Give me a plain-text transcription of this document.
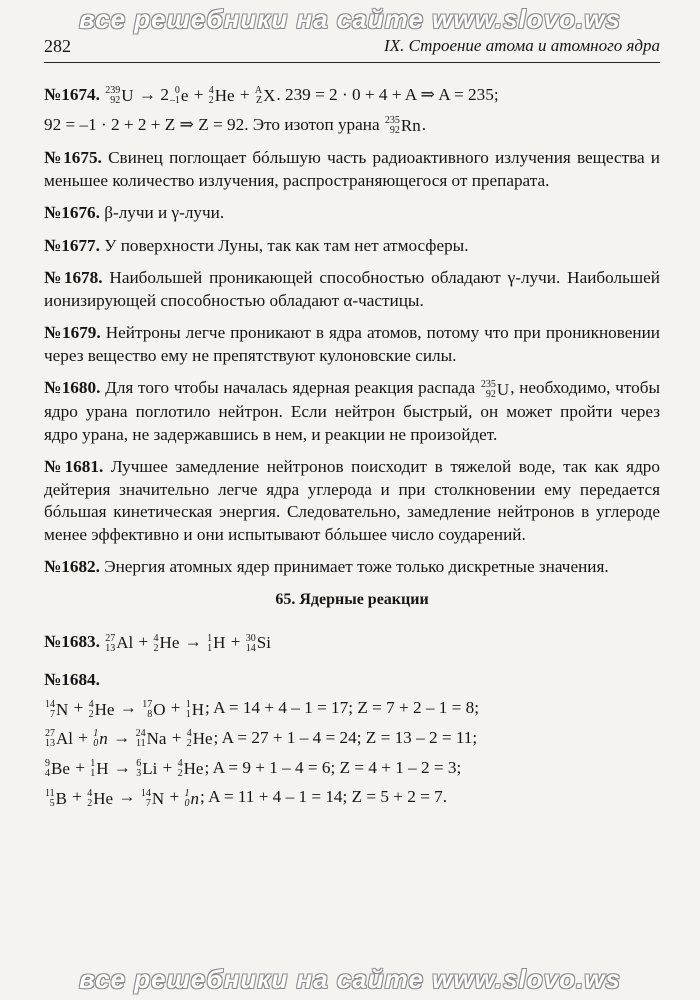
все решебники на сайте www.slovo.ws
282	IX. Строение атома и атомного ядра
№1674. 239
92 U → 2 0
–1 e + 4
2 He + A
Z X. 239 = 2 · 0 + 4 + A ⇒ A = 235;
92 = –1 · 2 + 2 + Z ⇒ Z = 92. Это изотоп урана 235
92 Rn.

№1675. Свинец поглощает бóльшую часть радиоактивного излучения вещества и меньшее количество излучения, распространяющегося от препарата.

№1676. β-лучи и γ-лучи.

№1677. У поверхности Луны, так как там нет атмосферы.

№1678. Наибольшей проникающей способностью обладают γ-лучи. Наибольшей ионизирующей способностью обладают α-частицы.

№1679. Нейтроны легче проникают в ядра атомов, потому что при проникновении через вещество ему не препятствуют кулоновские силы.

№1680. Для того чтобы началась ядерная реакция распада 235
92 U, необходимо, чтобы ядро урана поглотило нейтрон. Если нейтрон быстрый, он может пройти через ядро урана, не задержавшись в нем, и реакции не произойдет.

№1681. Лучшее замедление нейтронов поисходит в тяжелой воде, так как ядро дейтерия значительно легче ядра углерода и при столкновении ему передается бóльшая кинетическая энергия. Следовательно, замедление нейтронов в углероде менее эффективно и они испытывают бóльшее число соударений.

№1682. Энергия атомных ядер принимает тоже только дискретные значения.

65. Ядерные реакции
№1683. 27
13 Al + 4
2 He → 1
1 H + 30
14 Si
№1684.
14
7 N + 4
2 He → 17
8 O + 1
1 H; A = 14 + 4 – 1 = 17; Z = 7 + 2 – 1 = 8;
27
13 Al + 1
0 n → 24
11 Na + 4
2 He; A = 27 + 1 – 4 = 24; Z = 13 – 2 = 11;
9
4 Be + 1
1 H → 6
3 Li + 4
2 He; A = 9 + 1 – 4 = 6; Z = 4 + 1 – 2 = 3;
11
5 B + 4
2 He → 14
7 N + 1
0 n; A = 11 + 4 – 1 = 14; Z = 5 + 2 = 7.
все решебники на сайте www.slovo.ws
